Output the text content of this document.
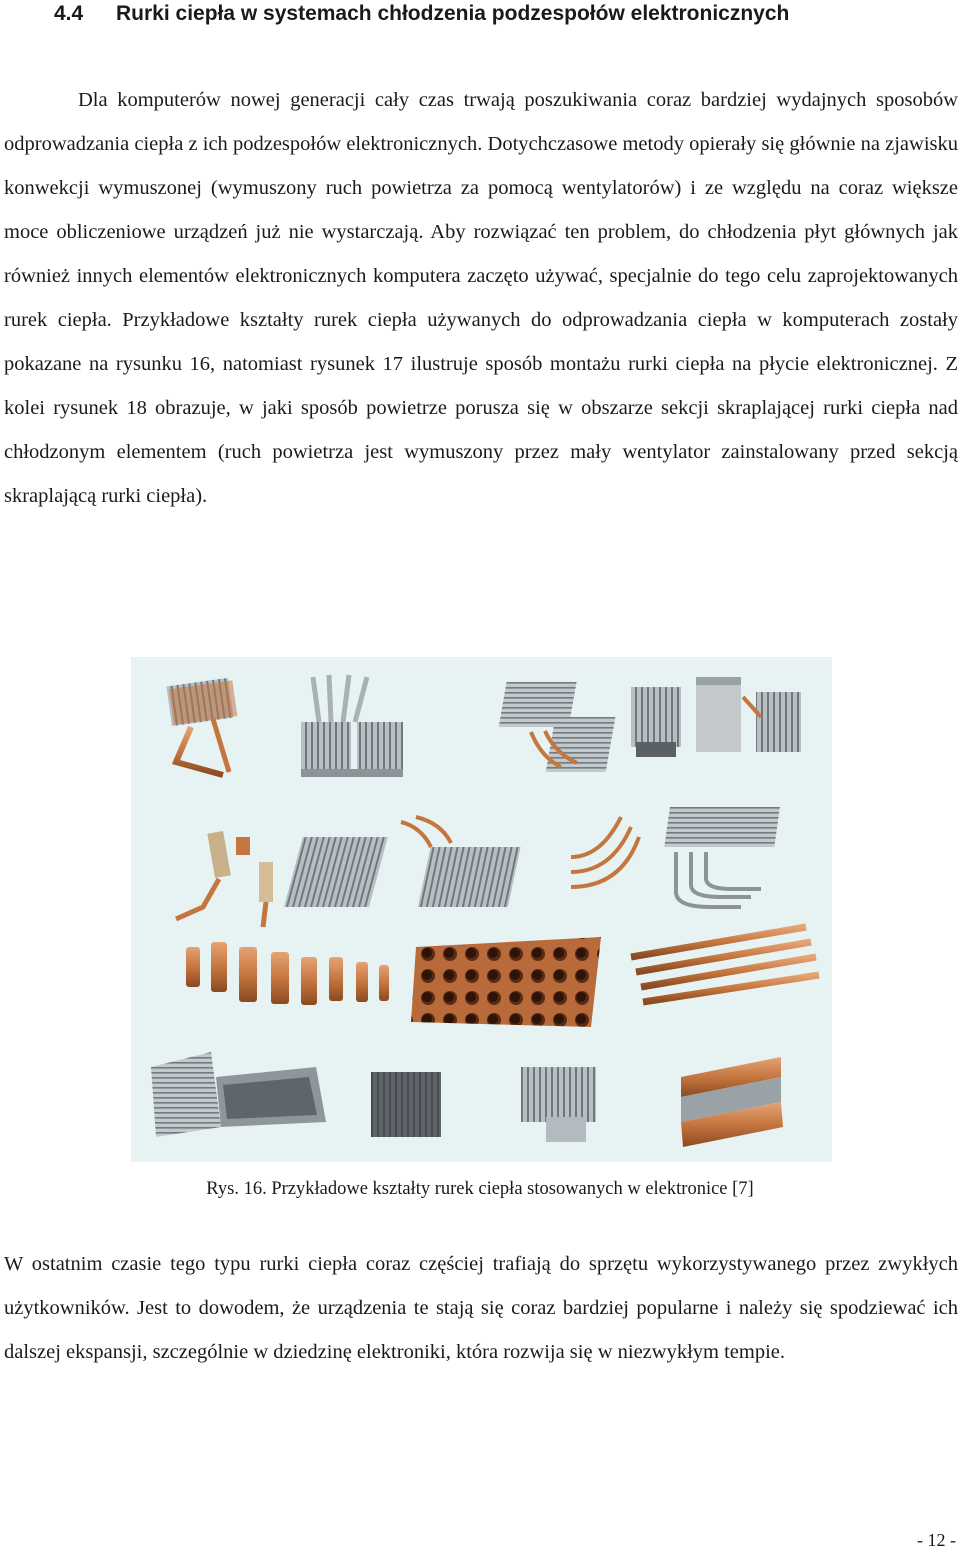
4.4 Rurki ciepła w systemach chłodzenia podzespołów elektronicznych

Dla komputerów nowej generacji cały czas trwają poszukiwania coraz bardziej wydajnych sposobów odprowadzania ciepła z ich podzespołów elektronicznych. Dotychczasowe metody opierały się głównie na zjawisku konwekcji wymuszonej (wymuszony ruch powietrza za pomocą wentylatorów) i ze względu na coraz większe moce obliczeniowe urządzeń już nie wystarczają. Aby rozwiązać ten problem, do chłodzenia płyt głównych jak również innych elementów elektronicznych komputera zaczęto używać, specjalnie do tego celu zaprojektowanych rurek ciepła. Przykładowe kształty rurek ciepła używanych do odprowadzania ciepła w komputerach zostały pokazane na rysunku 16, natomiast rysunek 17 ilustruje sposób montażu rurki ciepła na płycie elektronicznej. Z kolei rysunek 18 obrazuje, w jaki sposób powietrze porusza się w obszarze sekcji skraplającej rurki ciepła nad chłodzonym elementem (ruch powietrza jest wymuszony przez mały wentylator zainstalowany przed sekcją skraplającą rurki ciepła).

Rys. 16. Przykładowe kształty rurek ciepła stosowanych w elektronice [7]

W ostatnim czasie tego typu rurki ciepła coraz częściej trafiają do sprzętu wykorzystywanego przez zwykłych użytkowników. Jest to dowodem, że urządzenia te stają się coraz bardziej popularne i należy się spodziewać ich dalszej ekspansji, szczególnie w dziedzinę elektroniki, która rozwija się w niezwykłym tempie.

- 12 -
